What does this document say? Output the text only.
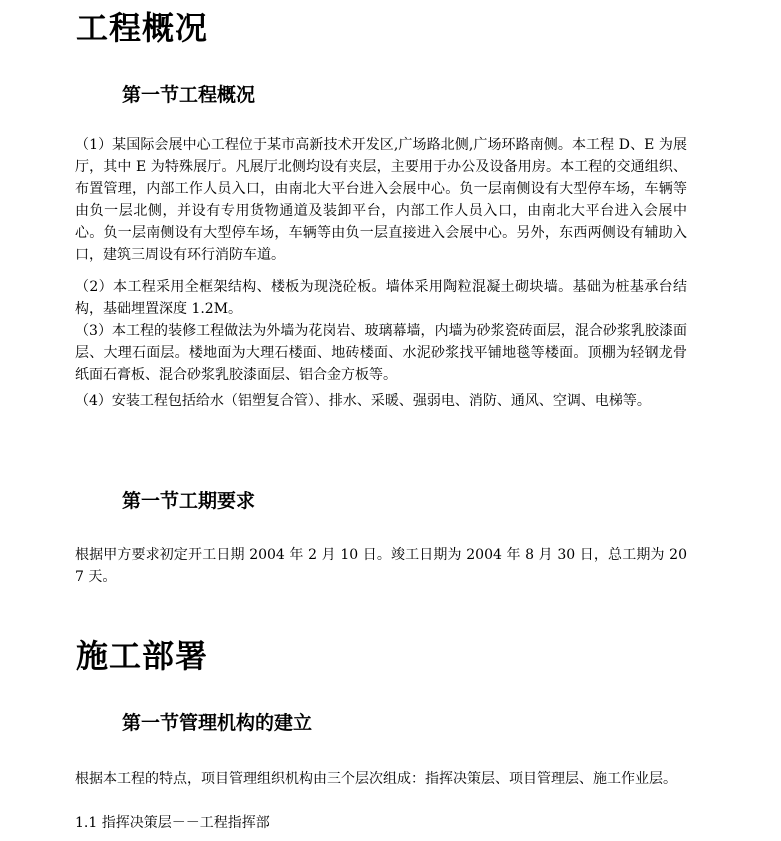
工程概况
第一节工程概况

（1）某国际会展中心工程位于某市高新技术开发区,广场路北侧,广场环路南侧。本工程 D、E 为展厅，其中 E 为特殊展厅。凡展厅北侧均设有夹层，主要用于办公及设备用房。本工程的交通组织、布置管理，内部工作人员入口，由南北大平台进入会展中心。负一层南侧设有大型停车场，车辆等由负一层北侧，并设有专用货物通道及装卸平台，内部工作人员入口，由南北大平台进入会展中心。负一层南侧设有大型停车场，车辆等由负一层直接进入会展中心。另外，东西两侧设有辅助入口，建筑三周设有环行消防车道。

（2）本工程采用全框架结构、楼板为现浇砼板。墙体采用陶粒混凝土砌块墙。基础为桩基承台结构，基础埋置深度 1.2M。

（3）本工程的装修工程做法为外墙为花岗岩、玻璃幕墙，内墙为砂浆瓷砖面层，混合砂浆乳胶漆面层、大理石面层。楼地面为大理石楼面、地砖楼面、水泥砂浆找平铺地毯等楼面。顶棚为轻钢龙骨纸面石膏板、混合砂浆乳胶漆面层、铝合金方板等。

（4）安装工程包括给水（铝塑复合管）、排水、采暖、强弱电、消防、通风、空调、电梯等。

第一节工期要求

根据甲方要求初定开工日期 2004 年 2 月 10 日。竣工日期为 2004 年 8 月 30 日，总工期为 207 天。

施工部署
第一节管理机构的建立

根据本工程的特点，项目管理组织机构由三个层次组成：指挥决策层、项目管理层、施工作业层。

1.1 指挥决策层－－工程指挥部
